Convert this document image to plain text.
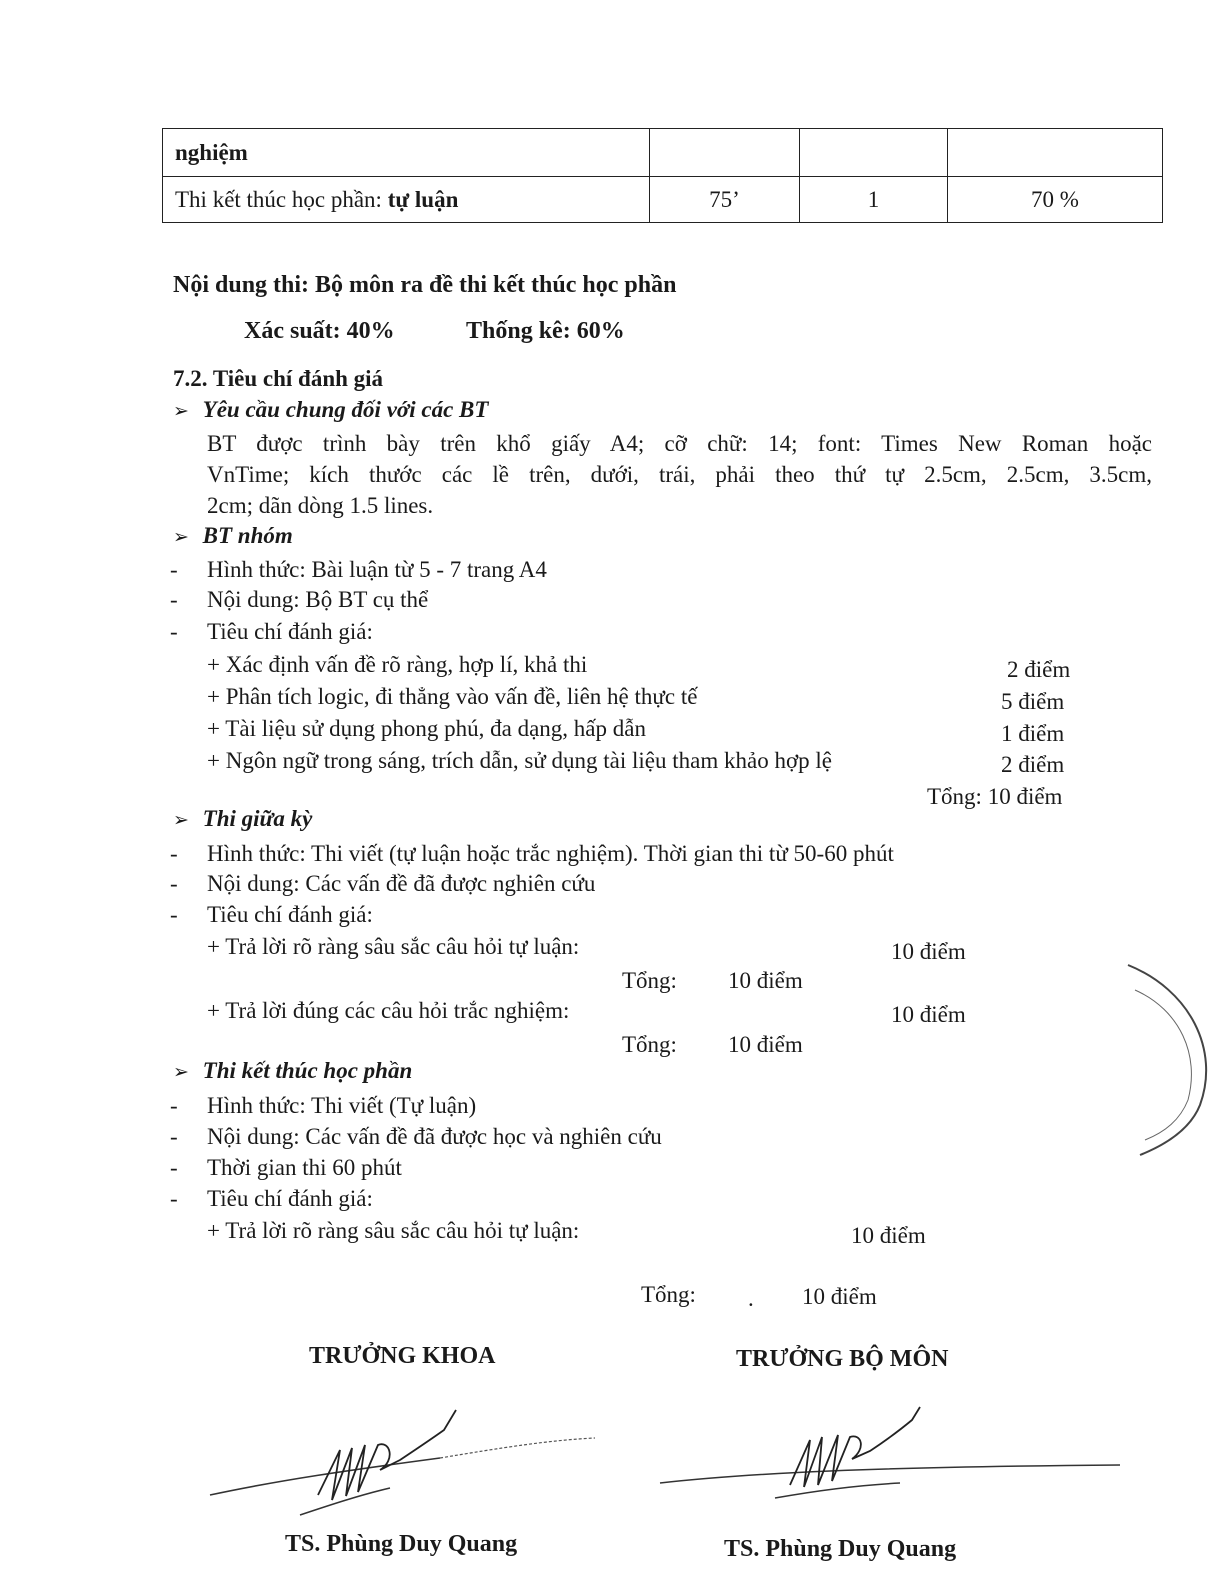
nghiệm			
Thi kết thúc học phần: tự luận	75’	1	70 %
Nội dung thi: Bộ môn ra đề thi kết thúc học phần
Xác suất: 40%	Thống kê: 60%
7.2. Tiêu chí đánh giá
➢ Yêu cầu chung đối với các BT
BT được trình bày trên khổ giấy A4; cỡ chữ: 14; font: Times New Roman hoặc
VnTime; kích thước các lề trên, dưới, trái, phải theo thứ tự 2.5cm, 2.5cm, 3.5cm,
2cm; dãn dòng 1.5 lines.
➢ BT nhóm
- Hình thức: Bài luận từ 5 - 7 trang A4
- Nội dung: Bộ BT cụ thể
- Tiêu chí đánh giá:
+ Xác định vấn đề rõ ràng, hợp lí, khả thi	2 điểm
+ Phân tích logic, đi thẳng vào vấn đề, liên hệ thực tế	5 điểm
+ Tài liệu sử dụng phong phú, đa dạng, hấp dẫn	1 điểm
+ Ngôn ngữ trong sáng, trích dẫn, sử dụng tài liệu tham khảo hợp lệ	2 điểm
Tổng: 10 điểm
➢ Thi giữa kỳ
- Hình thức: Thi viết (tự luận hoặc trắc nghiệm). Thời gian thi từ 50-60 phút
- Nội dung: Các vấn đề đã được nghiên cứu
- Tiêu chí đánh giá:
+ Trả lời rõ ràng sâu sắc câu hỏi tự luận:	10 điểm
Tổng: 10 điểm
+ Trả lời đúng các câu hỏi trắc nghiệm:	10 điểm
Tổng: 10 điểm
➢ Thi kết thúc học phần
- Hình thức: Thi viết (Tự luận)
- Nội dung: Các vấn đề đã được học và nghiên cứu
- Thời gian thi 60 phút
- Tiêu chí đánh giá:
+ Trả lời rõ ràng sâu sắc câu hỏi tự luận:	10 điểm
Tổng: . 10 điểm
TRƯỞNG KHOA	TRƯỞNG BỘ MÔN
TS. Phùng Duy Quang	TS. Phùng Duy Quang
